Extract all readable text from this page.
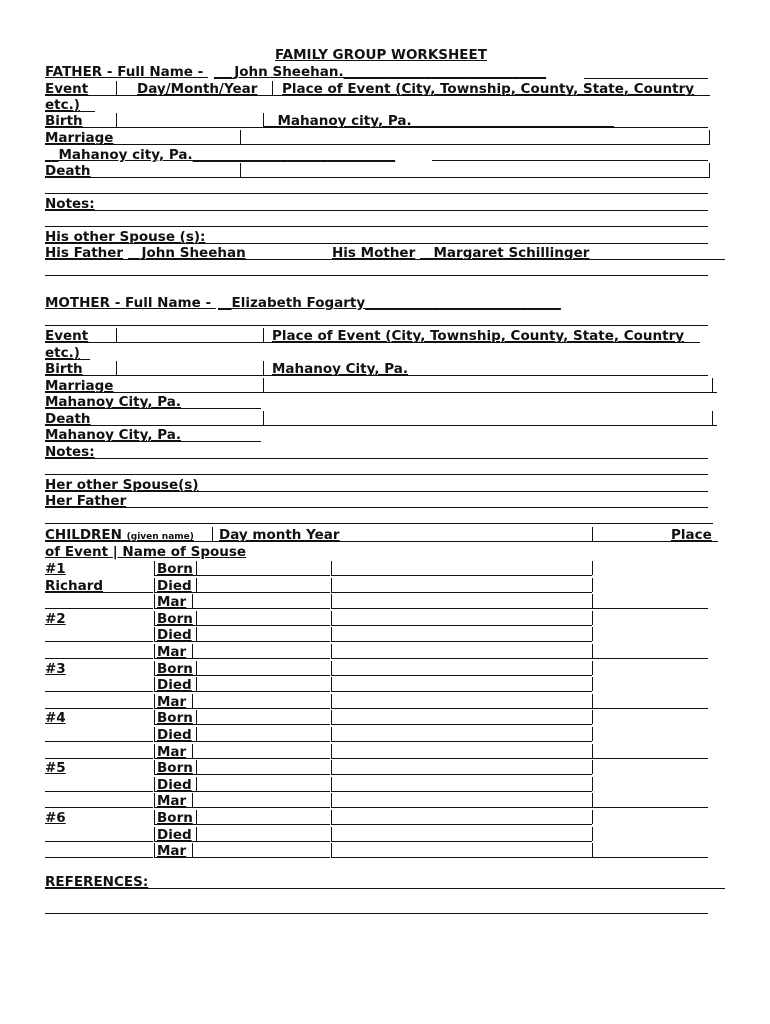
FAMILY GROUP WORKSHEET
FATHER - Full Name - ___John Sheehan.______________________________
Event	Day/Month/Year Place of Event (City, Township, County, State, Country
etc.)
Birth	__Mahanoy city, Pa.______________________________
Marriage
__Mahanoy city, Pa.______________________________
Death
Notes:
His other Spouse (s):
His Father __John Sheehan	His Mother __Margaret Schillinger
MOTHER - Full Name - __Elizabeth Fogarty_____________________________
Event	Place of Event (City, Township, County, State, Country
etc.)
Birth	Mahanoy City, Pa.
Marriage
Mahanoy City, Pa.
Death
Mahanoy City, Pa.
Notes:
Her other Spouse(s)
Her Father
CHILDREN (given name) Day month Year	Place
of Event | Name of Spouse
#1	Born
Richard	Died
Mar
#2	Born
Died
Mar
#3	Born
Died
Mar
#4	Born
Died
Mar
#5	Born
Died
Mar
#6	Born
Died
Mar
REFERENCES:
